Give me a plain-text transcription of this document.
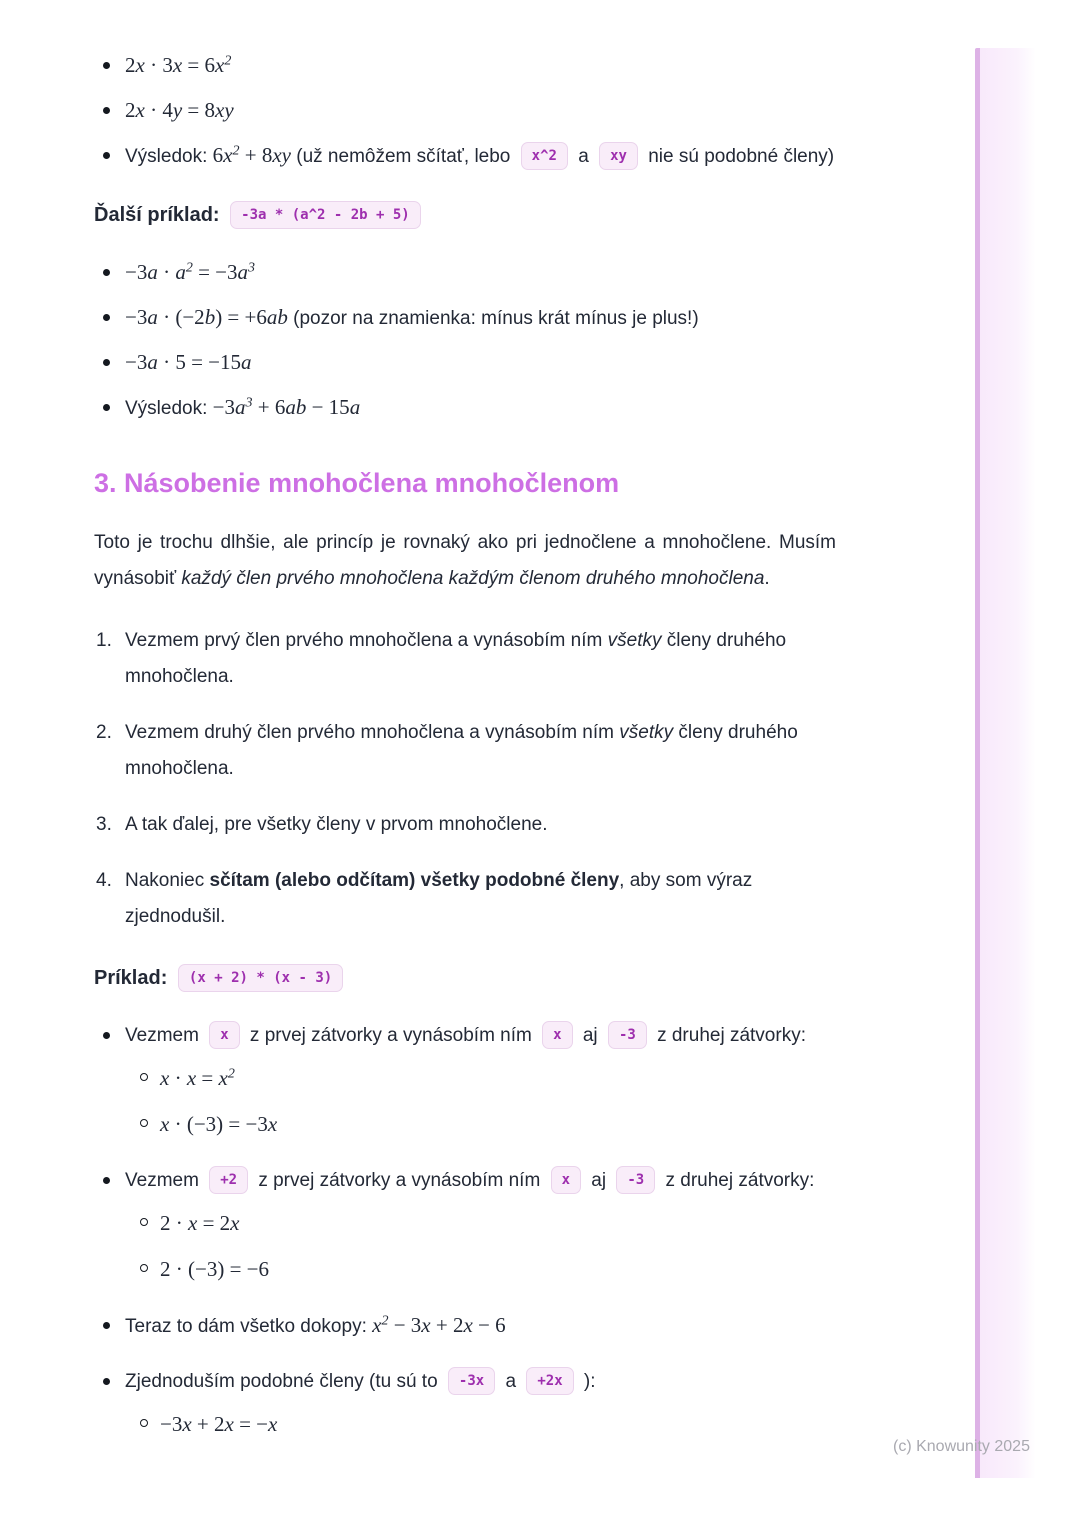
$2x \cdot 3x = 6x^2$
2x · 4y = 8xy
Výsledok: $6x^2 + 8xy$ (už nemôžem sčítať, lebo x^2 a xy nie sú podobné členy)
Ďalší príklad: -3a * (a^2 - 2b + 5)
$-3a \cdot a^2 = -3a^3$
−3a · (−2b) = +6ab (pozor na znamienka: mínus krát mínus je plus!)
−3a · 5 = −15a
Výsledok: $-3a^3 + 6ab - 15a$
3. Násobenie mnohočlena mnohočlenom

Toto je trochu dlhšie, ale princíp je rovnaký ako pri jednočlene a mnohočlene. Musím vynásobiť každý člen prvého mnohočlena každým členom druhého mnohočlena.

Vezmem prvý člen prvého mnohočlena a vynásobím ním všetky členy druhého mnohočlena.
Vezmem druhý člen prvého mnohočlena a vynásobím ním všetky členy druhého mnohočlena.
A tak ďalej, pre všetky členy v prvom mnohočlene.
Nakoniec sčítam (alebo odčítam) všetky podobné členy, aby som výraz zjednodušil.
Príklad: (x + 2) * (x - 3)
Vezmem x z prvej zátvorky a vynásobím ním x aj -3 z druhej zátvorky:
$x \cdot x = x^2$
x · (−3) = −3x
Vezmem +2 z prvej zátvorky a vynásobím ním x aj -3 z druhej zátvorky:
2 · x = 2x
2 · (−3) = −6
Teraz to dám všetko dokopy: $x^2 - 3x + 2x - 6$
Zjednoduším podobné členy (tu sú to -3x a +2x ):
−3x + 2x = −x
(c) Knowunity 2025
